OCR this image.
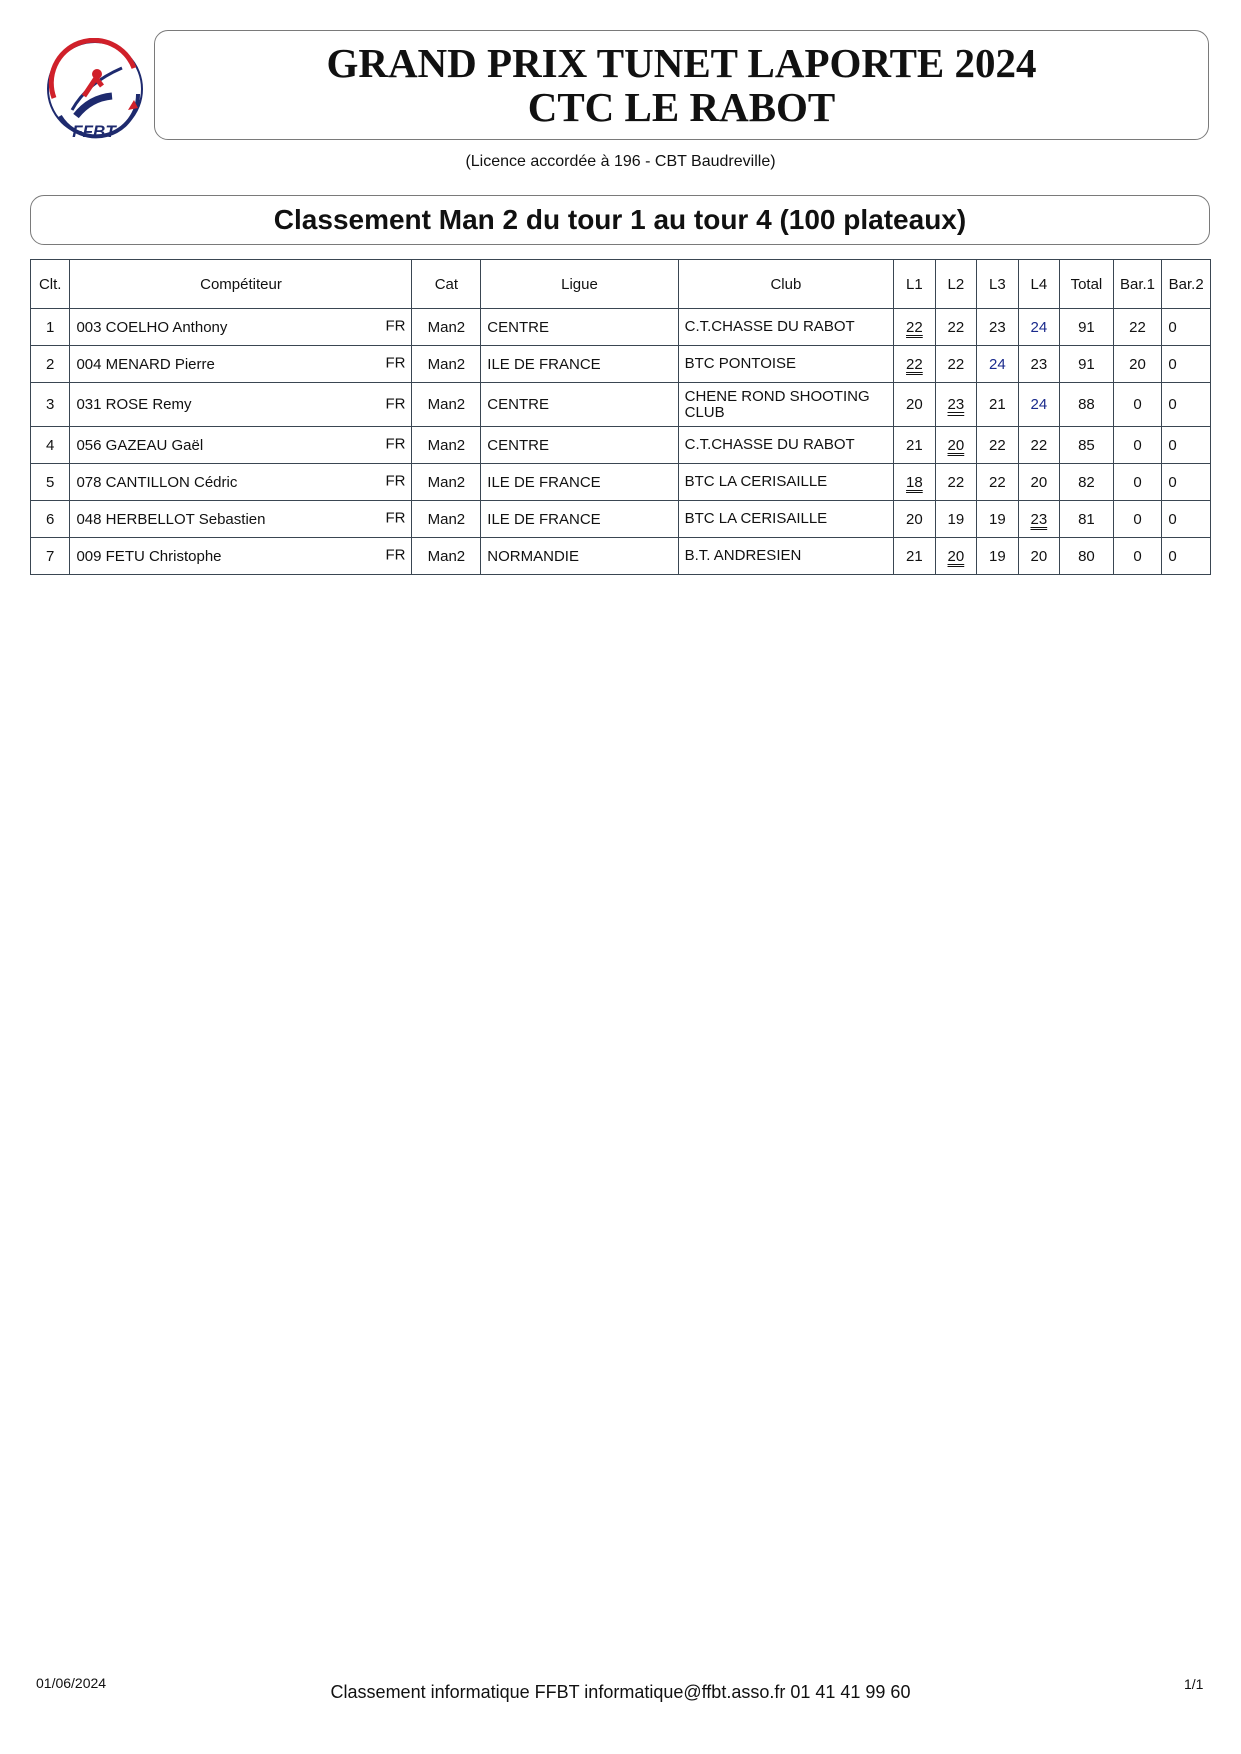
FFBT
GRAND PRIX TUNET LAPORTE 2024
CTC LE RABOT
(Licence accordée à 196 - CBT Baudreville)
Classement Man 2 du tour 1 au tour 4 (100 plateaux)
Clt.	Compétiteur	Cat	Ligue	Club	L1	L2	L3	L4	Total	Bar.1	Bar.2
1	003 COELHO Anthony FR	Man2	CENTRE	C.T.CHASSE DU RABOT	22	22	23	24	91	22	0
2	004 MENARD Pierre FR	Man2	ILE DE FRANCE	BTC PONTOISE	22	22	24	23	91	20	0
3	031 ROSE Remy FR	Man2	CENTRE	CHENE ROND SHOOTING CLUB	20	23	21	24	88	0	0
4	056 GAZEAU Gaël FR	Man2	CENTRE	C.T.CHASSE DU RABOT	21	20	22	22	85	0	0
5	078 CANTILLON Cédric FR	Man2	ILE DE FRANCE	BTC LA CERISAILLE	18	22	22	20	82	0	0
6	048 HERBELLOT Sebastien FR	Man2	ILE DE FRANCE	BTC LA CERISAILLE	20	19	19	23	81	0	0
7	009 FETU Christophe FR	Man2	NORMANDIE	B.T. ANDRESIEN	21	20	19	20	80	0	0
01/06/2024	Classement informatique FFBT informatique@ffbt.asso.fr 01 41 41 99 60	1/1
